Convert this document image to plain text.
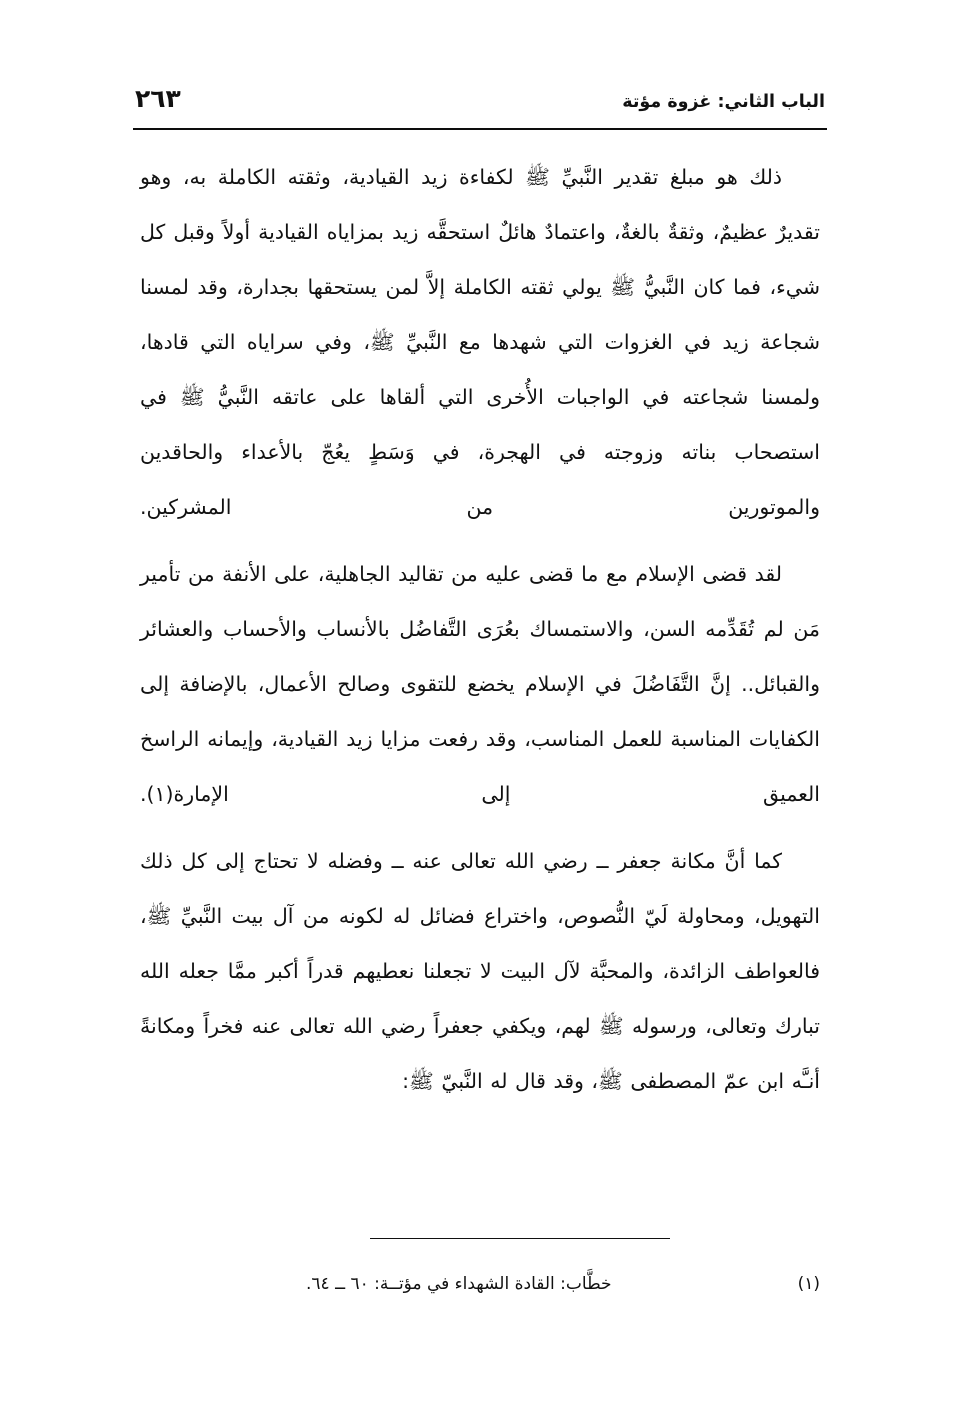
٢٦٣	الباب الثاني: غزوة مؤتة

ذلك هو مبلغ تقدير النَّبيِّ ﷺ لكفاءة زيد القيادية، وثقته الكاملة به، وهو تقديرٌ عظيمٌ، وثقةٌ بالغةٌ، واعتمادٌ هائلٌ استحقَّه زيد بمزاياه القيادية أولاً وقبل كل شيء، فما كان النَّبيُّ ﷺ يولي ثقته الكاملة إلاَّ لمن يستحقها بجدارة، وقد لمسنا شجاعة زيد في الغزوات التي شهدها مع النَّبيِّ ﷺ، وفي سراياه التي قادها، ولمسنا شجاعته في الواجبات الأُخرى التي ألقاها على عاتقه النَّبيُّ ﷺ في استصحاب بناته وزوجته في الهجرة، في وَسَطٍ يعُجّ بالأعداء والحاقدين والموتورين من المشركين.

لقد قضى الإسلام مع ما قضى عليه من تقاليد الجاهلية، على الأنفة من تأمير مَن لم تُقَدِّمه السن، والاستمساك بعُرَى التَّفاضُل بالأنساب والأحساب والعشائر والقبائل.. إنَّ التَّفَاضُلَ في الإسلام يخضع للتقوى وصالح الأعمال، بالإضافة إلى الكفايات المناسبة للعمل المناسب، وقد رفعت مزايا زيد القيادية، وإيمانه الراسخ العميق إلى الإمارة(١).

كما أنَّ مكانة جعفر ــ رضي الله تعالى عنه ــ وفضله لا تحتاج إلى كل ذلك التهويل، ومحاولة لَيّ النُّصوص، واختراع فضائل له لكونه من آل بيت النَّبيِّ ﷺ، فالعواطف الزائدة، والمحبَّة لآل البيت لا تجعلنا نعطيهم قدراً أكبر ممَّا جعله الله تبارك وتعالى، ورسوله ﷺ لهم، ويكفي جعفراً رضي الله تعالى عنه فخراً ومكانةً أنـَّه ابن عمّ المصطفى ﷺ، وقد قال له النَّبيّ ﷺ:

(١)
خطَّاب: القادة الشهداء في مؤتــة: ٦٠ ــ ٦٤.
